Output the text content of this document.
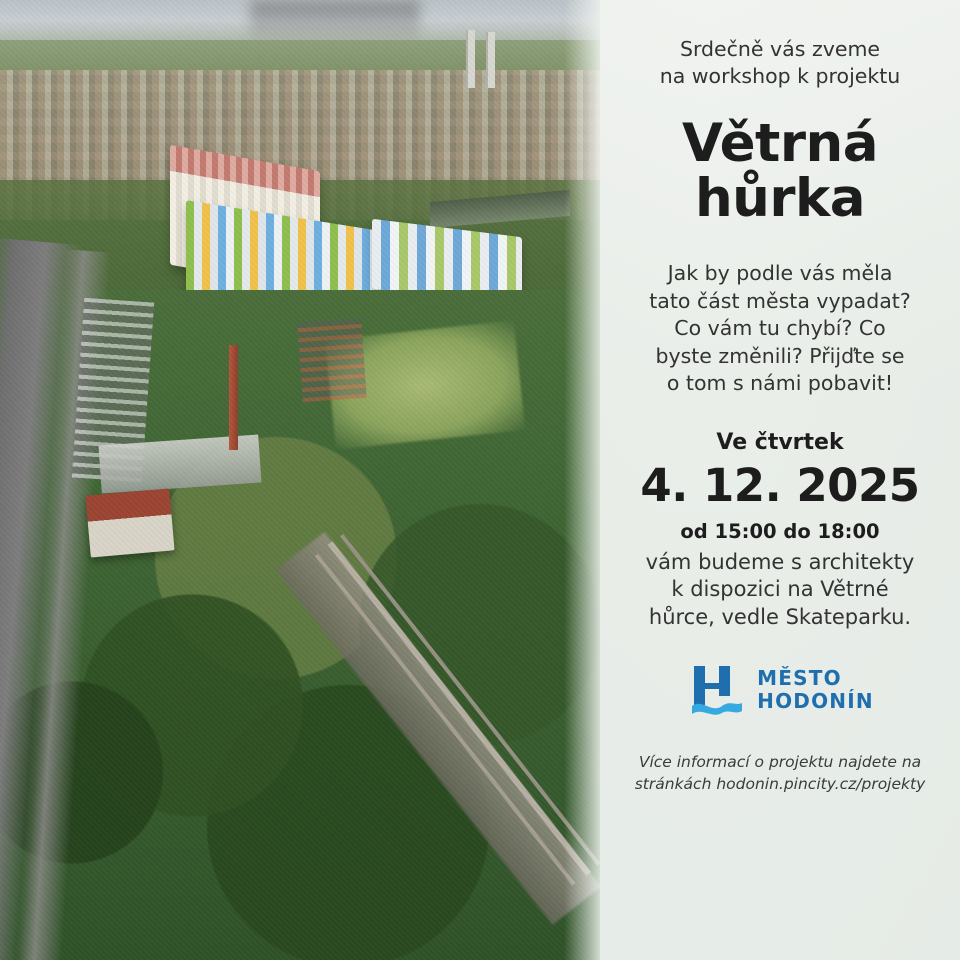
Srdečně vás zveme
na workshop k projektu
Větrná
hůrka
Jak by podle vás měla
tato část města vypadat?
Co vám tu chybí? Co
byste změnili? Přijďte se
o tom s námi pobavit!
Ve čtvrtek
4. 12. 2025
od 15:00 do 18:00
vám budeme s architekty
k dispozici na Větrné
hůrce, vedle Skateparku.
MĚSTO
HODONÍN
Více informací o projektu najdete na
stránkách hodonin.pincity.cz/projekty
